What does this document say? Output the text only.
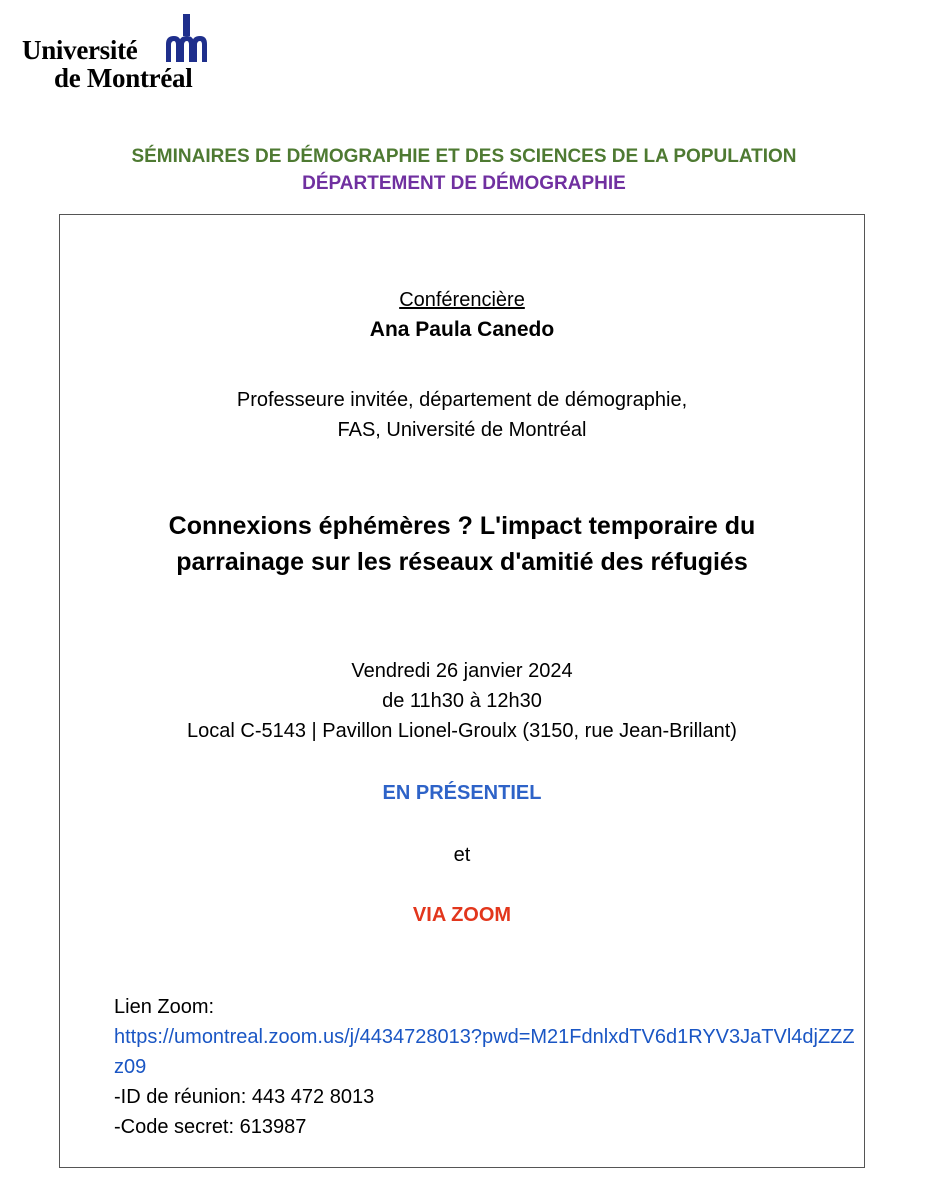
Université
de Montréal
SÉMINAIRES DE DÉMOGRAPHIE ET DES SCIENCES DE LA POPULATION
DÉPARTEMENT DE DÉMOGRAPHIE
Conférencière
Ana Paula Canedo
Professeure invitée, département de démographie,
FAS, Université de Montréal
Connexions éphémères ? L'impact temporaire du
parrainage sur les réseaux d'amitié des réfugiés
Vendredi 26 janvier 2024
de 11h30 à 12h30
Local C-5143 | Pavillon Lionel-Groulx (3150, rue Jean-Brillant)
EN PRÉSENTIEL
et
VIA ZOOM
Lien Zoom:
https://umontreal.zoom.us/j/4434728013?pwd=M21FdnlxdTV6d1RYV3JaTVl4djZZZz09
-ID de réunion: 443 472 8013
-Code secret: 613987
